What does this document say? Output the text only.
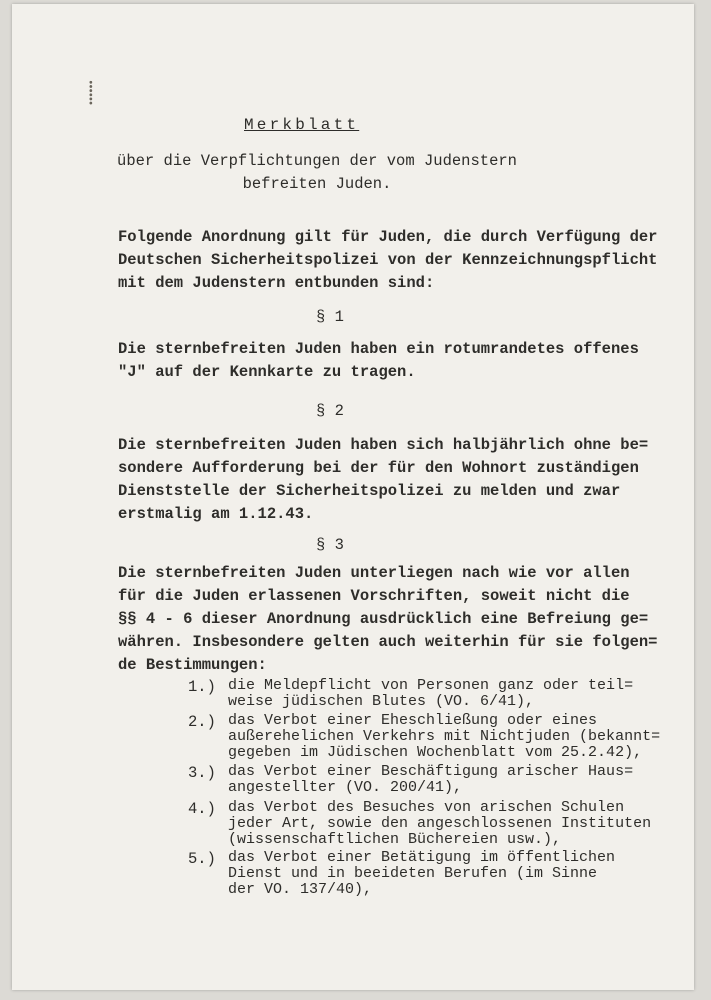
⸽
Merkblatt
über die Verpflichtungen der vom Judenstern
befreiten Juden.
Folgende Anordnung gilt für Juden, die durch Verfügung der
Deutschen Sicherheitspolizei von der Kennzeichnungspflicht
mit dem Judenstern entbunden sind:
§ 1
Die sternbefreiten Juden haben ein rotumrandetes offenes
"J" auf der Kennkarte zu tragen.
§ 2
Die sternbefreiten Juden haben sich halbjährlich ohne be=
sondere Aufforderung bei der für den Wohnort zuständigen
Dienststelle der Sicherheitspolizei zu melden und zwar
erstmalig am 1.12.43.
§ 3
Die sternbefreiten Juden unterliegen nach wie vor allen
für die Juden erlassenen Vorschriften, soweit nicht die
§§ 4 - 6 dieser Anordnung ausdrücklich eine Befreiung ge=
währen. Insbesondere gelten auch weiterhin für sie folgen=
de Bestimmungen:
1.) die Meldepflicht von Personen ganz oder teil=
weise jüdischen Blutes (VO. 6/41),
2.) das Verbot einer Eheschließung oder eines
außerehelichen Verkehrs mit Nichtjuden (bekannt=
gegeben im Jüdischen Wochenblatt vom 25.2.42),
3.) das Verbot einer Beschäftigung arischer Haus=
angestellter (VO. 200/41),
4.) das Verbot des Besuches von arischen Schulen
jeder Art, sowie den angeschlossenen Instituten
(wissenschaftlichen Büchereien usw.),
5.) das Verbot einer Betätigung im öffentlichen
Dienst und in beeideten Berufen (im Sinne
der VO. 137/40),
